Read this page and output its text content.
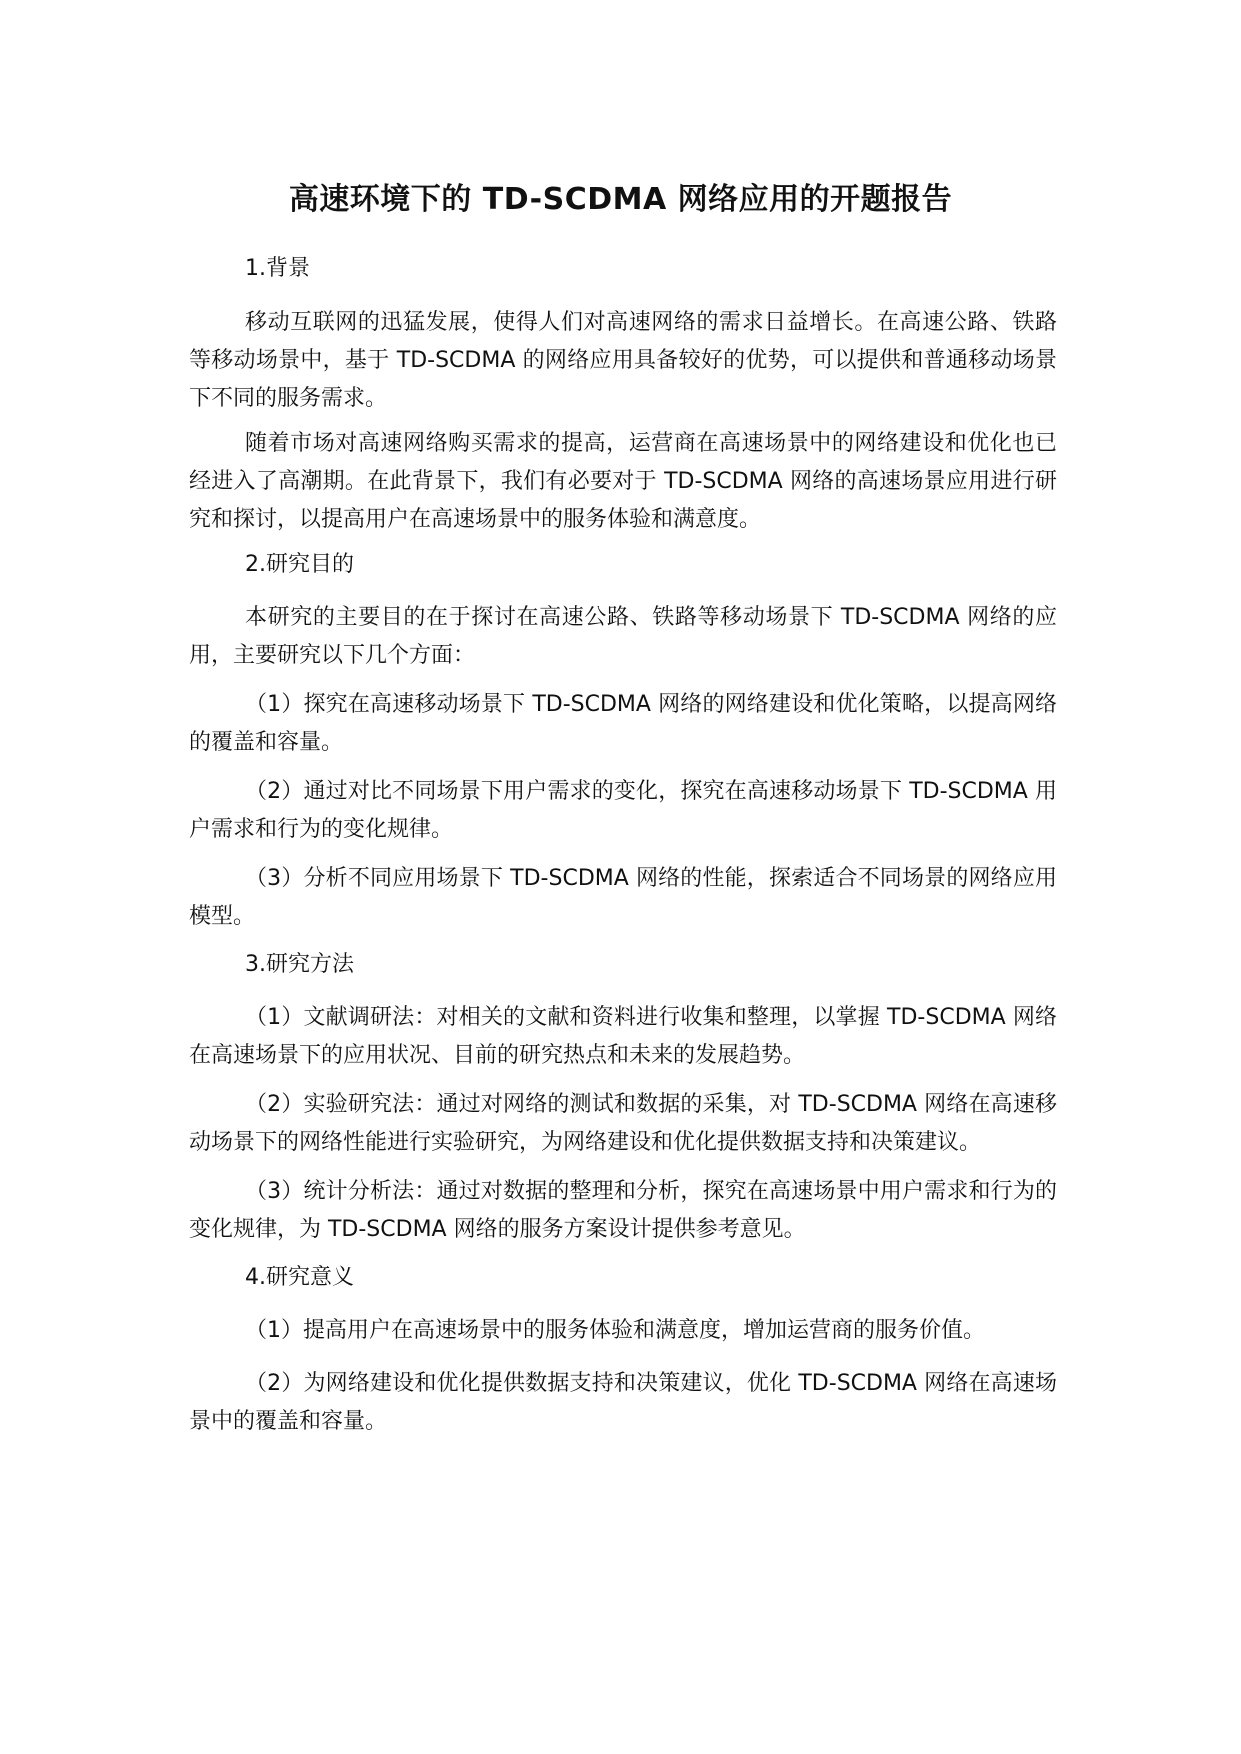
高速环境下的 TD-SCDMA 网络应用的开题报告

1.背景

移动互联网的迅猛发展，使得人们对高速网络的需求日益增长。在高速公路、铁路等移动场景中，基于 TD-SCDMA 的网络应用具备较好的优势，可以提供和普通移动场景下不同的服务需求。

随着市场对高速网络购买需求的提高，运营商在高速场景中的网络建设和优化也已经进入了高潮期。在此背景下，我们有必要对于 TD-SCDMA 网络的高速场景应用进行研究和探讨，以提高用户在高速场景中的服务体验和满意度。

2.研究目的

本研究的主要目的在于探讨在高速公路、铁路等移动场景下 TD-SCDMA 网络的应用，主要研究以下几个方面：

（1）探究在高速移动场景下 TD-SCDMA 网络的网络建设和优化策略，以提高网络的覆盖和容量。

（2）通过对比不同场景下用户需求的变化，探究在高速移动场景下 TD-SCDMA 用户需求和行为的变化规律。

（3）分析不同应用场景下 TD-SCDMA 网络的性能，探索适合不同场景的网络应用模型。

3.研究方法

（1）文献调研法：对相关的文献和资料进行收集和整理，以掌握 TD-SCDMA 网络在高速场景下的应用状况、目前的研究热点和未来的发展趋势。

（2）实验研究法：通过对网络的测试和数据的采集，对 TD-SCDMA 网络在高速移动场景下的网络性能进行实验研究，为网络建设和优化提供数据支持和决策建议。

（3）统计分析法：通过对数据的整理和分析，探究在高速场景中用户需求和行为的变化规律，为 TD-SCDMA 网络的服务方案设计提供参考意见。

4.研究意义

（1）提高用户在高速场景中的服务体验和满意度，增加运营商的服务价值。

（2）为网络建设和优化提供数据支持和决策建议，优化 TD-SCDMA 网络在高速场景中的覆盖和容量。
